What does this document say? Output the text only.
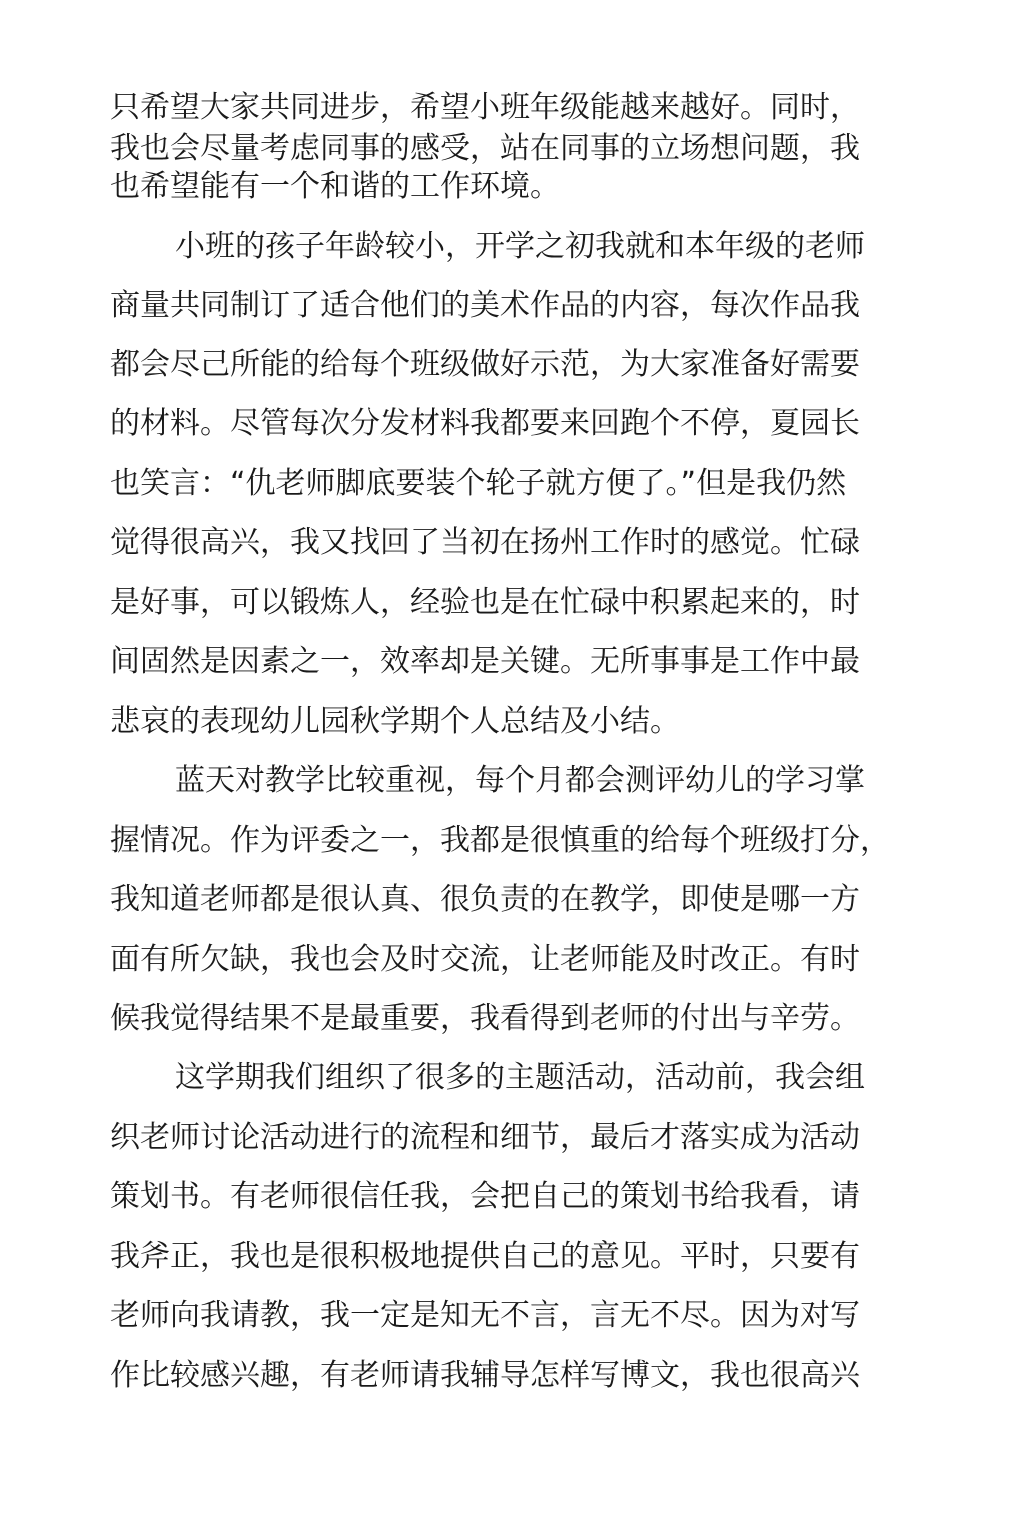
只希望大家共同进步，希望小班年级能越来越好。同时，

我也会尽量考虑同事的感受，站在同事的立场想问题，我

也希望能有一个和谐的工作环境。

小班的孩子年龄较小，开学之初我就和本年级的老师

商量共同制订了适合他们的美术作品的内容，每次作品我

都会尽己所能的给每个班级做好示范，为大家准备好需要

的材料。尽管每次分发材料我都要来回跑个不停，夏园长

也笑言：“仇老师脚底要装个轮子就方便了。”但是我仍然

觉得很高兴，我又找回了当初在扬州工作时的感觉。忙碌

是好事，可以锻炼人，经验也是在忙碌中积累起来的，时

间固然是因素之一，效率却是关键。无所事事是工作中最

悲哀的表现幼儿园秋学期个人总结及小结。

蓝天对教学比较重视，每个月都会测评幼儿的学习掌

握情况。作为评委之一，我都是很慎重的给每个班级打分，

我知道老师都是很认真、很负责的在教学，即使是哪一方

面有所欠缺，我也会及时交流，让老师能及时改正。有时

候我觉得结果不是最重要，我看得到老师的付出与辛劳。

这学期我们组织了很多的主题活动，活动前，我会组

织老师讨论活动进行的流程和细节，最后才落实成为活动

策划书。有老师很信任我，会把自己的策划书给我看，请

我斧正，我也是很积极地提供自己的意见。平时，只要有

老师向我请教，我一定是知无不言，言无不尽。因为对写

作比较感兴趣，有老师请我辅导怎样写博文，我也很高兴
